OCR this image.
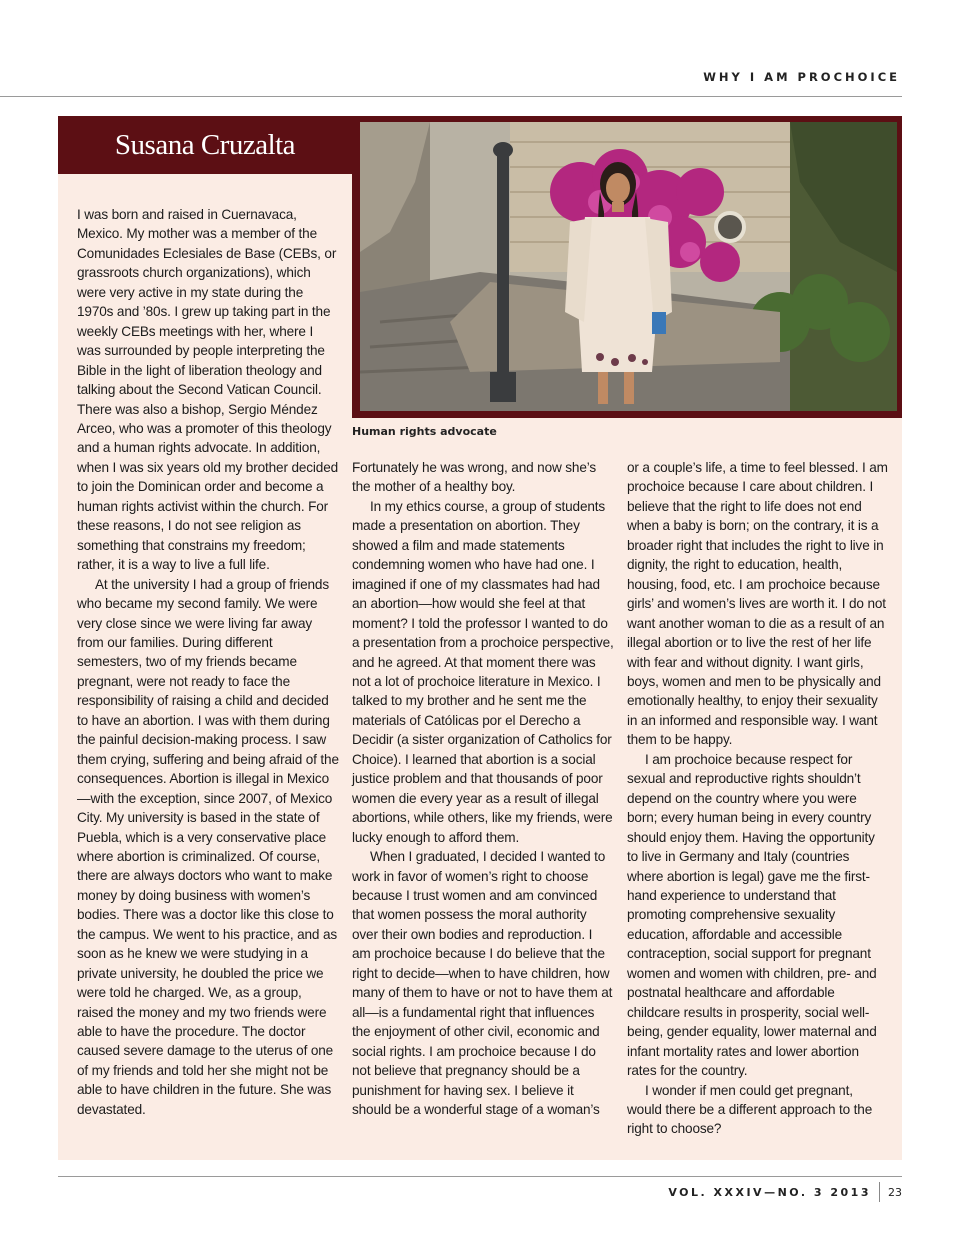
WHY I AM PROCHOICE
Susana Cruzalta
Human rights advocate

I was born and raised in Cuernavaca, Mexico. My mother was a member of the Comunidades Eclesiales de Base (CEBs, or grassroots church organizations), which were very active in my state during the 1970s and ’80s. I grew up taking part in the weekly CEBs meetings with her, where I was surrounded by people interpreting the Bible in the light of liberation theology and talking about the Second Vatican Council. There was also a bishop, Sergio Méndez Arceo, who was a promoter of this theology and a human rights advocate. In addition, when I was six years old my brother decided to join the Dominican order and become a human rights activist within the church. For these reasons, I do not see religion as something that constrains my freedom; rather, it is a way to live a full life.

At the university I had a group of friends who became my second family. We were very close since we were living far away from our families. During different semesters, two of my friends became pregnant, were not ready to face the responsibility of raising a child and decided to have an abortion. I was with them during the painful decision-making process. I saw them crying, suffering and being afraid of the consequences. Abortion is illegal in Mexico—with the exception, since 2007, of Mexico City. My university is based in the state of Puebla, which is a very conservative place where abortion is criminalized. Of course, there are always doctors who want to make money by doing business with women’s bodies. There was a doctor like this close to the campus. We went to his practice, and as soon as he knew we were studying in a private university, he doubled the price we were told he charged. We, as a group, raised the money and my two friends were able to have the procedure. The doctor caused severe damage to the uterus of one of my friends and told her she might not be able to have children in the future. She was devastated.

Fortunately he was wrong, and now she’s the mother of a healthy boy.

In my ethics course, a group of students made a presentation on abortion. They showed a film and made statements condemning women who have had one. I imagined if one of my classmates had had an abortion—how would she feel at that moment? I told the professor I wanted to do a presentation from a prochoice perspective, and he agreed. At that moment there was not a lot of prochoice literature in Mexico. I talked to my brother and he sent me the materials of Católicas por el Derecho a Decidir (a sister organization of Catholics for Choice). I learned that abortion is a social justice problem and that thousands of poor women die every year as a result of illegal abortions, while others, like my friends, were lucky enough to afford them.

When I graduated, I decided I wanted to work in favor of women’s right to choose because I trust women and am convinced that women possess the moral authority over their own bodies and reproduction. I am prochoice because I do believe that the right to decide—when to have children, how many of them to have or not to have them at all—is a fundamental right that influences the enjoyment of other civil, economic and social rights. I am prochoice because I do not believe that pregnancy should be a punishment for having sex. I believe it should be a wonderful stage of a woman’s

or a couple’s life, a time to feel blessed. I am prochoice because I care about children. I believe that the right to life does not end when a baby is born; on the contrary, it is a broader right that includes the right to live in dignity, the right to education, health, housing, food, etc. I am prochoice because girls’ and women’s lives are worth it. I do not want another woman to die as a result of an illegal abortion or to live the rest of her life with fear and without dignity. I want girls, boys, women and men to be physically and emotionally healthy, to enjoy their sexuality in an informed and responsible way. I want them to be happy.

I am prochoice because respect for sexual and reproductive rights shouldn’t depend on the country where you were born; every human being in every country should enjoy them. Having the opportunity to live in Germany and Italy (countries where abortion is legal) gave me the first-hand experience to understand that promoting comprehensive sexuality education, affordable and accessible contraception, social support for pregnant women and women with children, pre- and postnatal healthcare and affordable childcare results in prosperity, social well-being, gender equality, lower maternal and infant mortality rates and lower abortion rates for the country.

I wonder if men could get pregnant, would there be a different approach to the right to choose?

VOL. XXXIV—NO. 3 2013	23
